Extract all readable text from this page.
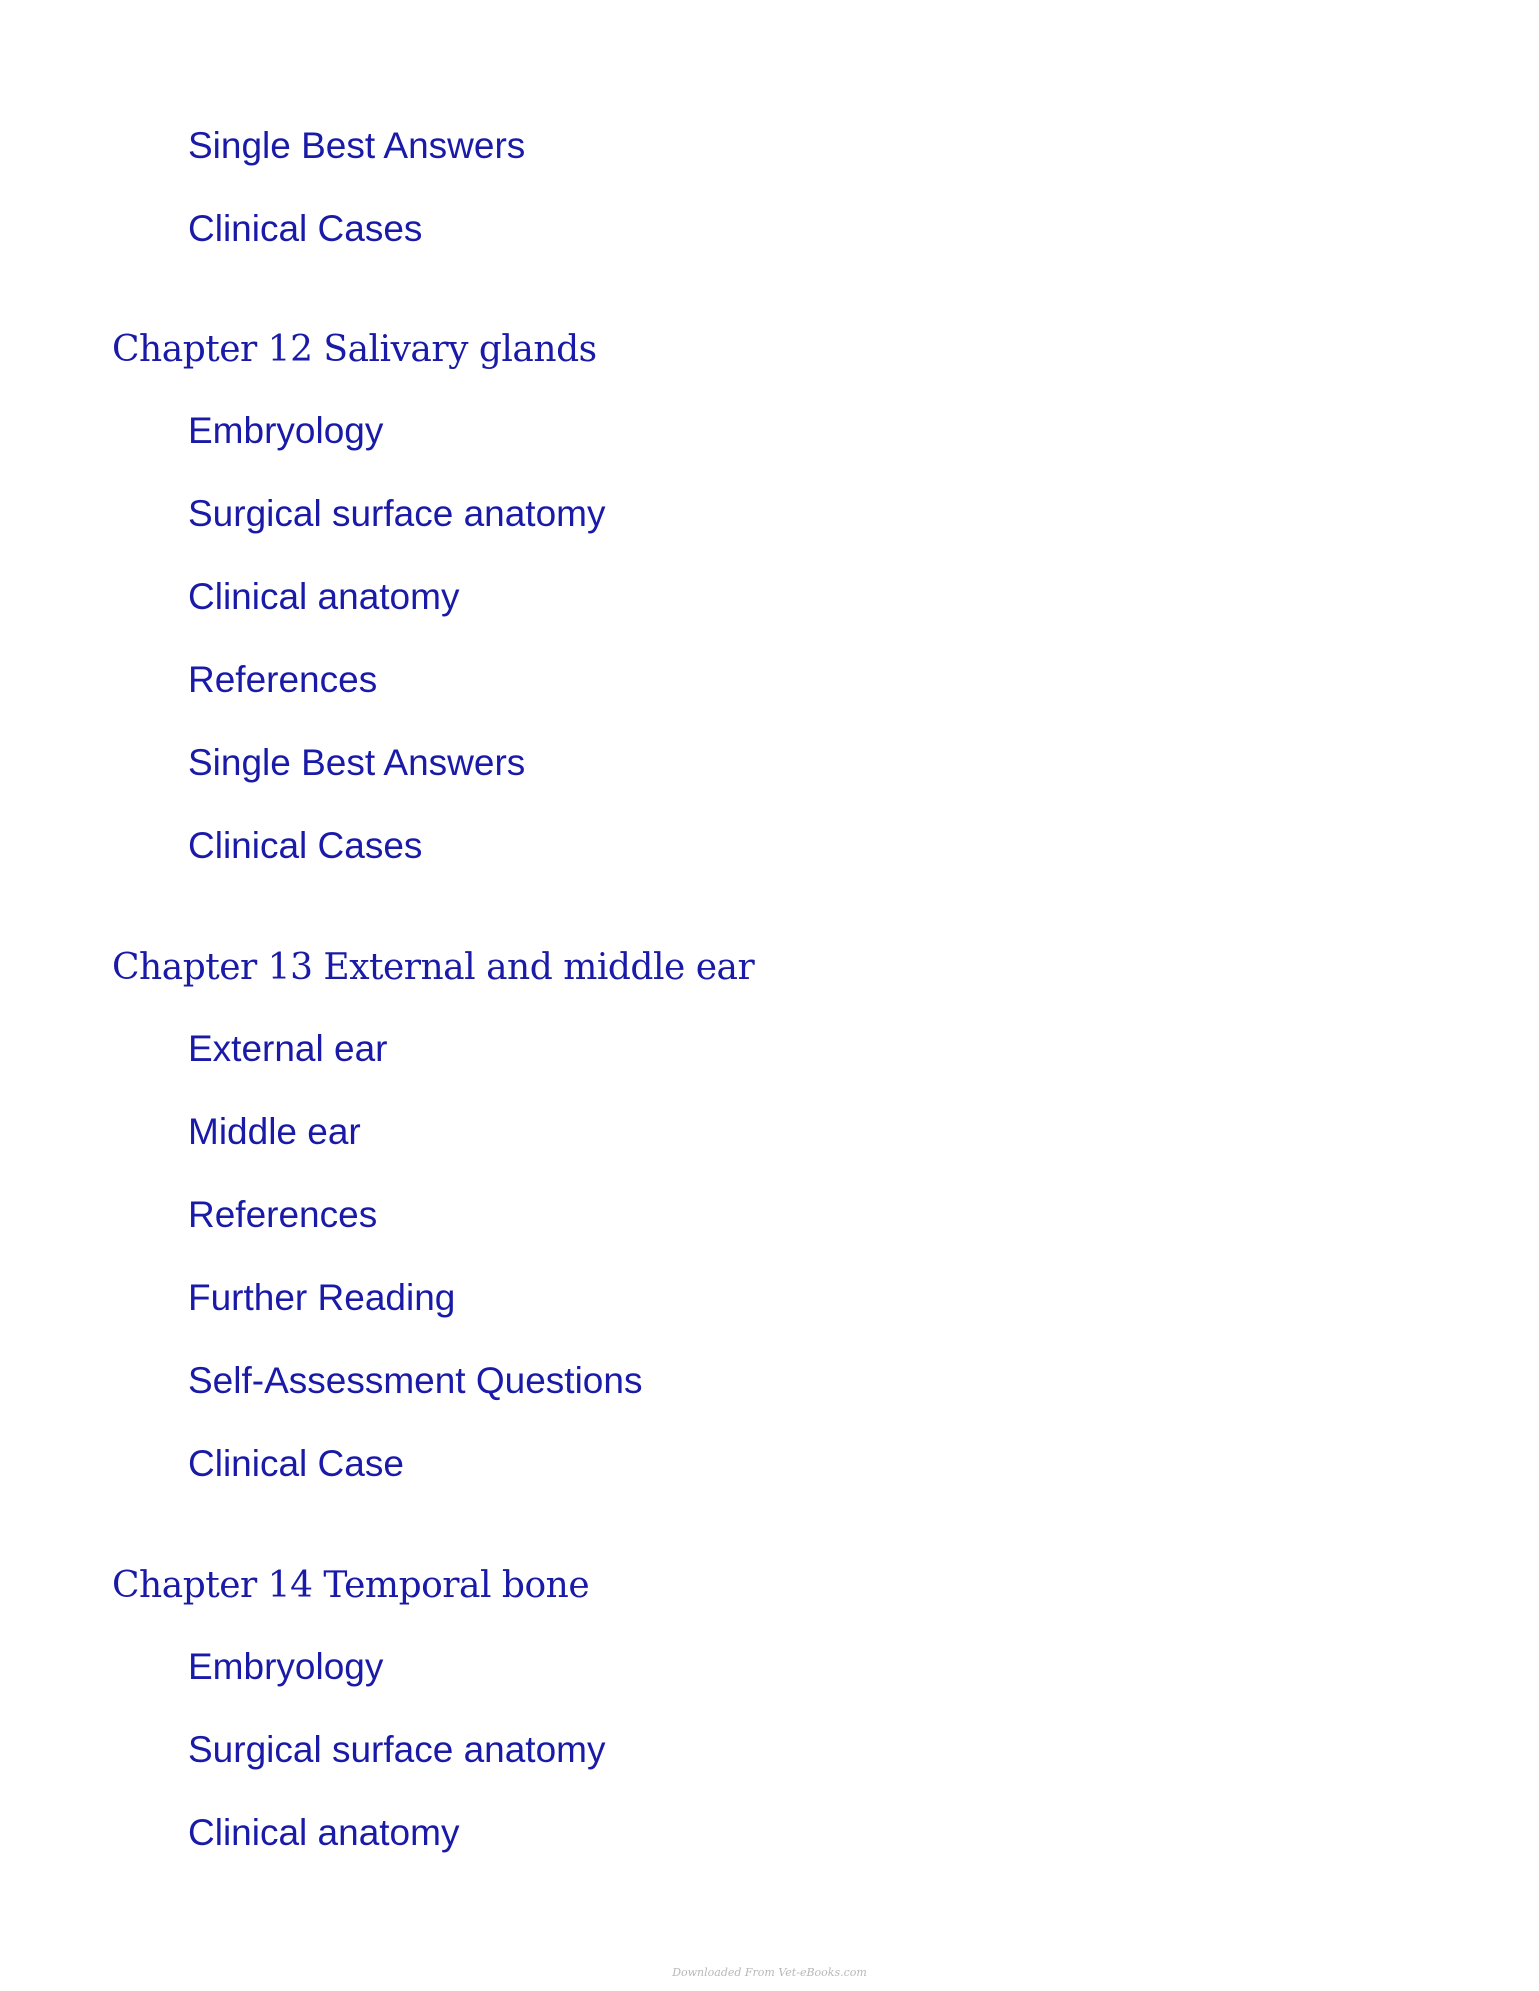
Single Best Answers
Clinical Cases
Chapter 12 Salivary glands
Embryology
Surgical surface anatomy
Clinical anatomy
References
Single Best Answers
Clinical Cases
Chapter 13 External and middle ear
External ear
Middle ear
References
Further Reading
Self-Assessment Questions
Clinical Case
Chapter 14 Temporal bone
Embryology
Surgical surface anatomy
Clinical anatomy
Downloaded From Vet-eBooks.com
